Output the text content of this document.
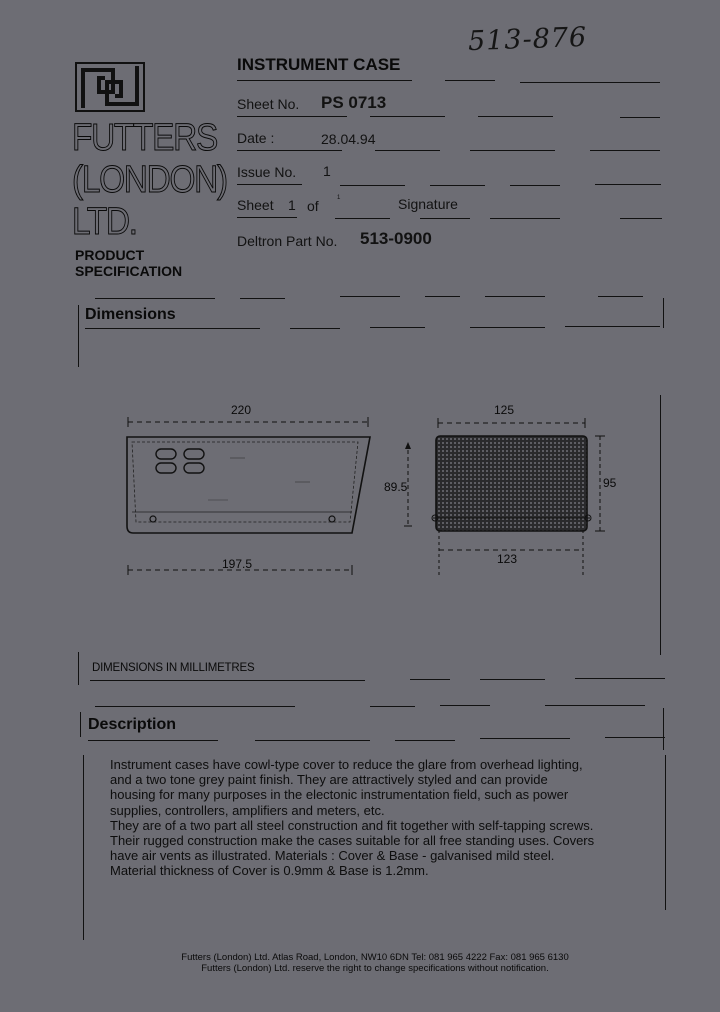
513-876
FUTTERS
(LONDON)
LTD.
PRODUCT
SPECIFICATION
INSTRUMENT CASE
Sheet No. PS 0713
Date :	28.04.94
Issue No. 1
Sheet 1 of	1	Signature
Deltron Part No. 513-0900
Dimensions
220
197.5
89.5
125
123
95
DIMENSIONS IN MILLIMETRES
Description

Instrument cases have cowl-type cover to reduce the glare from overhead lighting,

and a two tone grey paint finish. They are attractively styled and can provide

housing for many purposes in the electonic instrumentation field, such as power

supplies, controllers, amplifiers and meters, etc.

They are of a two part all steel construction and fit together with self-tapping screws.

Their rugged construction make the cases suitable for all free standing uses. Covers

have air vents as illustrated. Materials : Cover & Base - galvanised mild steel.

Material thickness of Cover is 0.9mm & Base is 1.2mm.

Futters (London) Ltd. Atlas Road, London, NW10 6DN Tel: 081 965 4222 Fax: 081 965 6130
Futters (London) Ltd. reserve the right to change specifications without notification.
